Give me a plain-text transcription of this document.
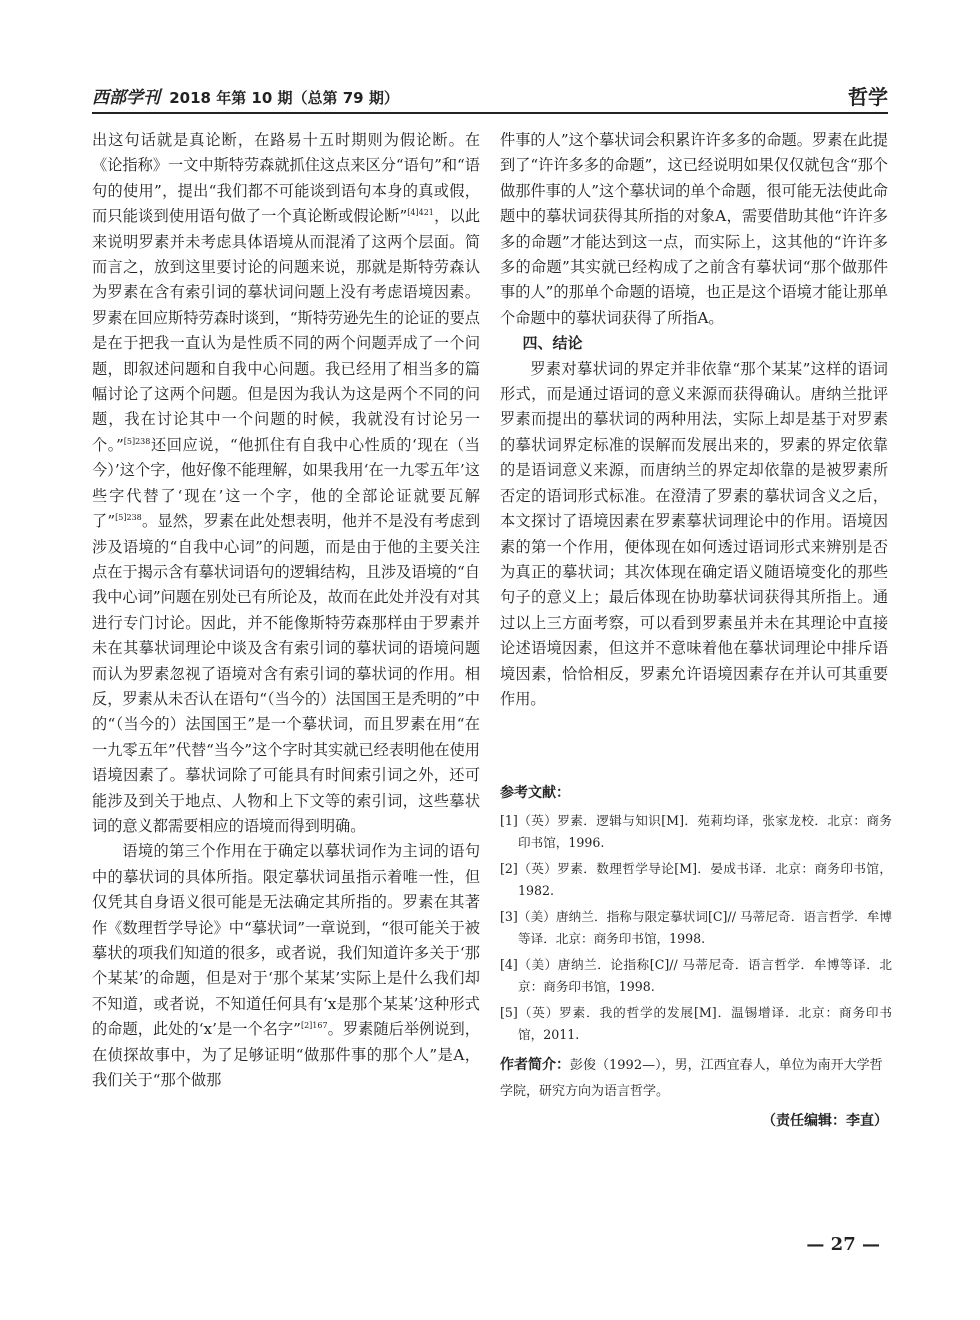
西部学刊 2018 年第 10 期（总第 79 期）	哲学

出这句话就是真论断，在路易十五时期则为假论断。在《论指称》一文中斯特劳森就抓住这点来区分“语句”和“语句的使用”，提出“我们都不可能谈到语句本身的真或假，而只能谈到使用语句做了一个真论断或假论断”$^{[4]421}$，以此来说明罗素并未考虑具体语境从而混淆了这两个层面。简而言之，放到这里要讨论的问题来说，那就是斯特劳森认为罗素在含有索引词的摹状词问题上没有考虑语境因素。罗素在回应斯特劳森时谈到，“斯特劳逊先生的论证的要点是在于把我一直认为是性质不同的两个问题弄成了一个问题，即叙述问题和自我中心问题。我已经用了相当多的篇幅讨论了这两个问题。但是因为我认为这是两个不同的问题，我在讨论其中一个问题的时候，我就没有讨论另一个。”$^{[5]238}$还回应说，“他抓住有自我中心性质的‘现在（当今）’这个字，他好像不能理解，如果我用‘在一九零五年’这些字代替了‘现在’这一个字，他的全部论证就要瓦解了”$^{[5]238}$。显然，罗素在此处想表明，他并不是没有考虑到涉及语境的“自我中心词”的问题，而是由于他的主要关注点在于揭示含有摹状词语句的逻辑结构，且涉及语境的“自我中心词”问题在别处已有所论及，故而在此处并没有对其进行专门讨论。因此，并不能像斯特劳森那样由于罗素并未在其摹状词理论中谈及含有索引词的摹状词的语境问题而认为罗素忽视了语境对含有索引词的摹状词的作用。相反，罗素从未否认在语句“（当今的）法国国王是秃明的”中的“（当今的）法国国王”是一个摹状词，而且罗素在用“在一九零五年”代替“当今”这个字时其实就已经表明他在使用语境因素了。摹状词除了可能具有时间索引词之外，还可能涉及到关于地点、人物和上下文等的索引词，这些摹状词的意义都需要相应的语境而得到明确。

语境的第三个作用在于确定以摹状词作为主词的语句中的摹状词的具体所指。限定摹状词虽指示着唯一性，但仅凭其自身语义很可能是无法确定其所指的。罗素在其著作《数理哲学导论》中“摹状词”一章说到，“很可能关于被摹状的项我们知道的很多，或者说，我们知道许多关于‘那个某某’的命题，但是对于‘那个某某’实际上是什么我们却不知道，或者说，不知道任何具有‘x是那个某某’这种形式的命题，此处的‘x’是一个名字”$^{[2]167}$。罗素随后举例说到，在侦探故事中，为了足够证明“做那件事的那个人”是A，我们关于“那个做那

件事的人”这个摹状词会积累许许多多的命题。罗素在此提到了“许许多多的命题”，这已经说明如果仅仅就包含“那个做那件事的人”这个摹状词的单个命题，很可能无法使此命题中的摹状词获得其所指的对象A，需要借助其他“许许多多的命题”才能达到这一点，而实际上，这其他的“许许多多的命题”其实就已经构成了之前含有摹状词“那个做那件事的人”的那单个命题的语境，也正是这个语境才能让那单个命题中的摹状词获得了所指A。

四、结论

罗素对摹状词的界定并非依靠“那个某某”这样的语词形式，而是通过语词的意义来源而获得确认。唐纳兰批评罗素而提出的摹状词的两种用法，实际上却是基于对罗素的摹状词界定标准的误解而发展出来的，罗素的界定依靠的是语词意义来源，而唐纳兰的界定却依靠的是被罗素所否定的语词形式标准。在澄清了罗素的摹状词含义之后，本文探讨了语境因素在罗素摹状词理论中的作用。语境因素的第一个作用，便体现在如何透过语词形式来辨别是否为真正的摹状词；其次体现在确定语义随语境变化的那些句子的意义上；最后体现在协助摹状词获得其所指上。通过以上三方面考察，可以看到罗素虽并未在其理论中直接论述语境因素，但这并不意味着他在摹状词理论中排斥语境因素，恰恰相反，罗素允许语境因素存在并认可其重要作用。

参考文献：
[1]（英）罗素．逻辑与知识[M]．苑莉均译，张家龙校．北京：商务印书馆，1996.
[2]（英）罗素．数理哲学导论[M]．晏成书译．北京：商务印书馆，1982.
[3]（美）唐纳兰．指称与限定摹状词[C]// 马蒂尼奇．语言哲学．牟博等译．北京：商务印书馆，1998.
[4]（美）唐纳兰．论指称[C]// 马蒂尼奇．语言哲学．牟博等译．北京：商务印书馆，1998.
[5]（英）罗素．我的哲学的发展[M]．温锡增译．北京：商务印书馆，2011.
作者简介：彭俊（1992—），男，江西宜春人，单位为南开大学哲学院，研究方向为语言哲学。
（责任编辑：李直）
— 27 —
